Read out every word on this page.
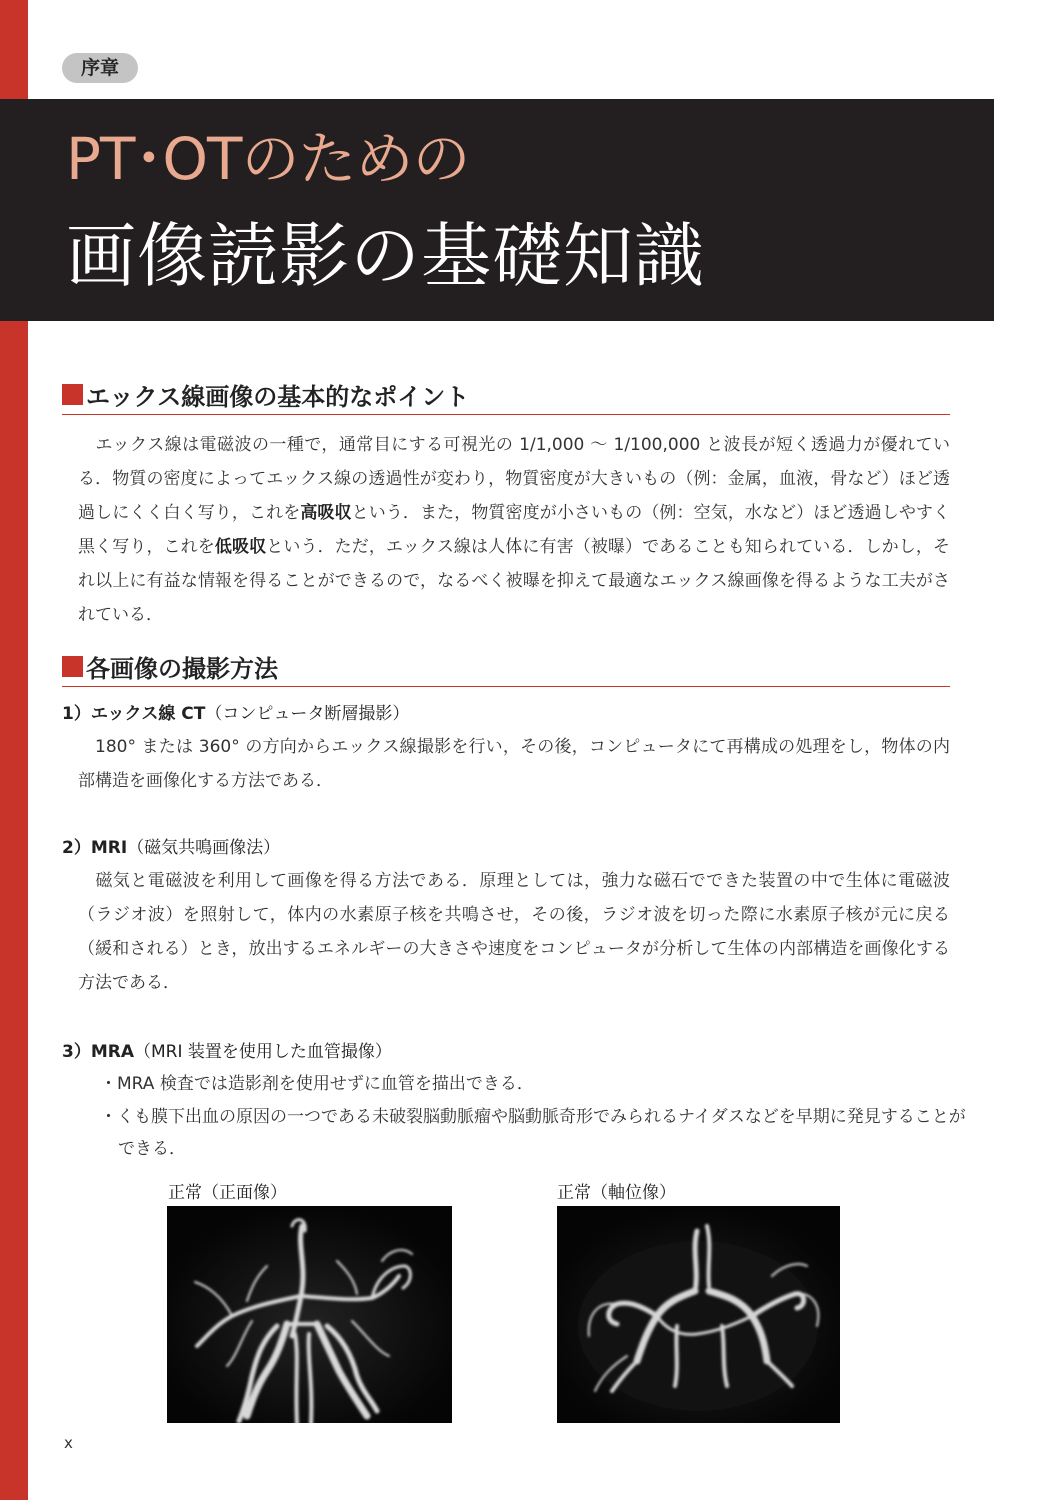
序章
PT･OTのための
画像読影の基礎知識
エックス線画像の基本的なポイント

エックス線は電磁波の一種で，通常目にする可視光の 1/1,000 〜 1/100,000 と波長が短く透過力が優れている．物質の密度によってエックス線の透過性が変わり，物質密度が大きいもの（例：金属，血液，骨など）ほど透過しにくく白く写り，これを高吸収という．また，物質密度が小さいもの（例：空気，水など）ほど透過しやすく黒く写り，これを低吸収という．ただ，エックス線は人体に有害（被曝）であることも知られている．しかし，それ以上に有益な情報を得ることができるので，なるべく被曝を抑えて最適なエックス線画像を得るような工夫がされている．

各画像の撮影方法
1）エックス線 CT（コンピュータ断層撮影）

180° または 360° の方向からエックス線撮影を行い，その後，コンピュータにて再構成の処理をし，物体の内部構造を画像化する方法である．

2）MRI（磁気共鳴画像法）

磁気と電磁波を利用して画像を得る方法である．原理としては，強力な磁石でできた装置の中で生体に電磁波（ラジオ波）を照射して，体内の水素原子核を共鳴させ，その後，ラジオ波を切った際に水素原子核が元に戻る（緩和される）とき，放出するエネルギーの大きさや速度をコンピュータが分析して生体の内部構造を画像化する方法である．

3）MRA（MRI 装置を使用した血管撮像）

・MRA 検査では造影剤を使用せずに血管を描出できる．

・くも膜下出血の原因の一つである未破裂脳動脈瘤や脳動脈奇形でみられるナイダスなどを早期に発見することができる．

正常（正面像）	正常（軸位像）
x
